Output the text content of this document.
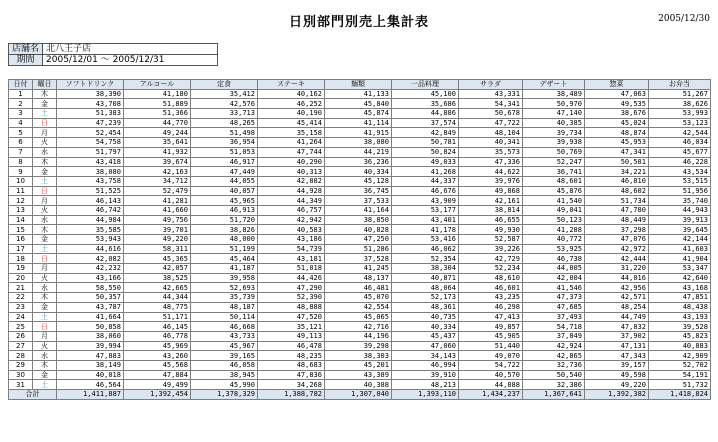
日別部門別売上集計表	2005/12/30
店舗名	北八王子店
期間	2005/12/01 ～ 2005/12/31
日付	曜日	ソフトドリンク	アルコール	定食	ステーキ	麺類	一品料理	サラダ	デザート	惣菜	お弁当
1	木	38,390	41,180	35,412	40,162	41,133	45,100	43,331	38,489	47,063	51,267
2	金	43,708	51,889	42,576	46,252	45,840	35,686	54,341	50,970	49,535	38,626
3	土	51,383	51,366	33,713	40,190	45,874	44,886	50,678	47,140	38,676	53,993
4	日	47,239	44,770	48,265	45,414	41,114	37,574	47,722	40,385	45,024	53,123
5	月	52,454	49,244	51,498	35,158	41,915	42,849	48,104	39,734	48,874	42,544
6	火	54,758	35,641	36,954	41,264	38,080	50,781	40,341	39,938	45,953	46,034
7	水	51,797	41,932	51,053	47,744	44,219	50,824	35,573	50,769	47,341	45,677
8	木	43,418	39,674	46,917	40,290	36,236	49,033	47,336	52,247	50,581	46,228
9	金	38,080	42,163	47,449	40,313	40,334	41,268	44,622	36,741	34,221	43,534
10	土	43,758	34,712	44,055	42,882	45,128	44,337	39,976	48,601	46,810	53,515
11	日	51,525	52,479	40,057	44,928	36,745	46,676	49,868	45,876	48,602	51,956
12	月	46,143	41,281	45,965	44,349	37,533	43,909	42,161	41,540	51,734	35,740
13	火	46,742	41,660	46,913	46,757	41,164	53,177	38,814	49,041	47,780	44,943
14	水	44,984	49,756	51,720	42,942	38,850	43,401	46,655	50,123	48,449	39,913
15	木	35,585	39,701	38,826	40,583	40,828	41,178	49,930	41,288	37,298	39,645
16	金	53,943	49,220	48,000	43,186	47,250	53,416	52,587	40,772	47,076	42,144
17	土	44,616	58,311	51,199	54,739	51,286	46,062	39,226	53,925	42,972	41,603
18	日	42,082	45,365	45,464	43,181	37,528	52,354	42,729	46,738	42,444	41,904
19	月	42,232	42,057	41,187	51,018	41,245	38,304	52,234	44,005	31,220	53,347
20	火	43,166	38,525	39,958	44,426	48,137	40,871	48,610	42,004	44,016	42,640
21	水	58,550	42,665	52,693	47,290	46,481	48,064	46,601	41,546	42,956	43,168
22	木	50,357	44,344	35,739	52,390	45,070	52,173	43,235	47,373	42,571	47,851
23	金	43,787	48,775	48,187	48,888	42,554	48,361	46,298	47,685	48,254	48,438
24	土	41,664	51,171	50,114	47,520	45,065	40,735	47,413	37,493	44,749	43,193
25	日	50,858	46,145	46,668	35,121	42,716	40,334	49,857	54,718	47,832	39,528
26	月	38,060	46,778	43,733	49,113	44,196	45,437	45,905	37,049	37,902	45,823
27	火	39,994	45,969	45,967	46,478	39,298	47,060	51,440	42,924	47,131	40,883
28	水	47,883	43,260	39,165	48,235	38,303	34,143	49,070	42,865	47,343	42,909
29	木	38,149	45,568	46,058	48,683	45,201	46,994	54,722	32,736	39,157	52,702
30	金	40,018	47,884	38,945	47,836	43,389	39,910	40,570	50,540	49,598	54,191
31	土	46,564	49,499	45,990	34,268	40,388	48,213	44,888	32,386	49,220	51,732
合計		1,411,887	1,392,454	1,378,329	1,388,782	1,307,040	1,393,110	1,434,237	1,367,641	1,392,382	1,418,824
